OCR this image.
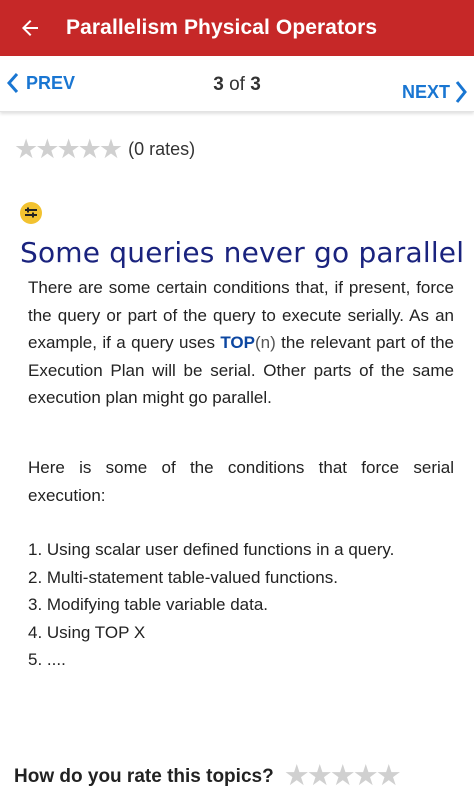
Parallelism Physical Operators
PREV	3 of 3	NEXT
★ ★ ★ ★ ★ (0 rates)
Some queries never go parallel

There are some certain conditions that, if present, force the query or part of the query to execute serially. As an example, if a query uses TOP(n) the relevant part of the Execution Plan will be serial. Other parts of the same execution plan might go parallel.

Here is some of the conditions that force serial execution:

1. Using scalar user defined functions in a query.
2. Multi-statement table-valued functions.
3. Modifying table variable data.
4. Using TOP X
5. ....
How do you rate this topics? ★ ★ ★ ★ ★
